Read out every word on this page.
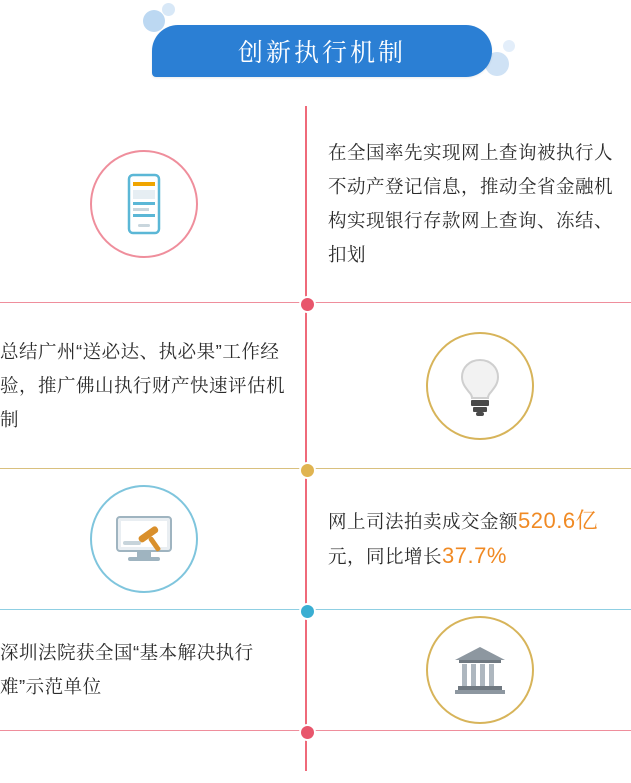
创新执行机制
在全国率先实现网上查询被执行人不动产登记信息，推动全省金融机构实现银行存款网上查询、冻结、扣划
总结广州“送必达、执必果”工作经验，推广佛山执行财产快速评估机制
网上司法拍卖成交金额520.6亿元，同比增长37.7%
深圳法院获全国“基本解决执行难”示范单位
